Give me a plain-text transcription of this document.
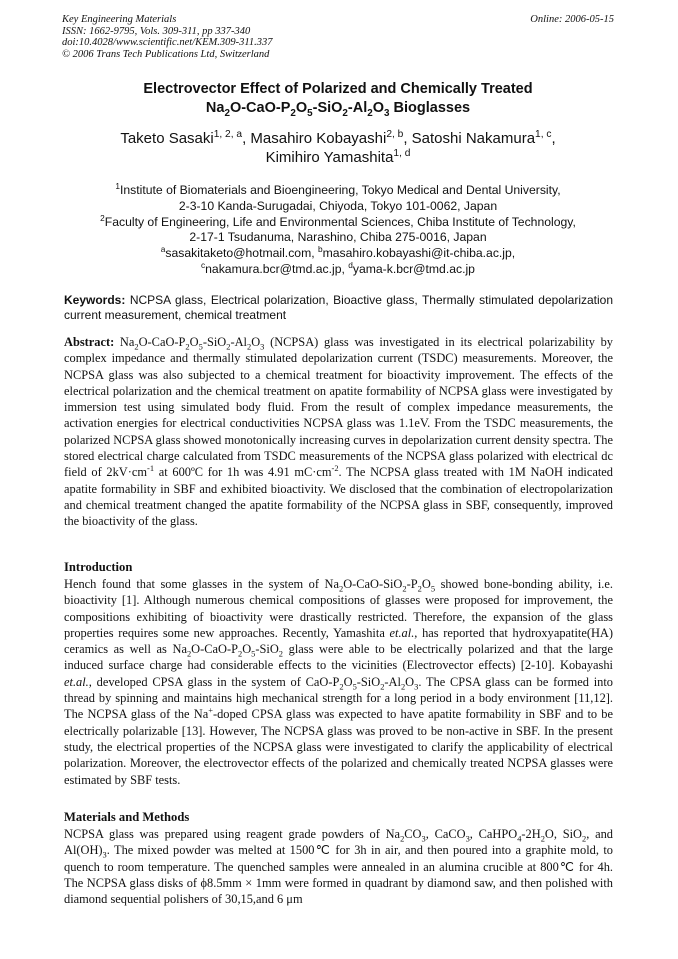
Key Engineering Materials
ISSN: 1662-9795, Vols. 309-311, pp 337-340
doi:10.4028/www.scientific.net/KEM.309-311.337
© 2006 Trans Tech Publications Ltd, Switzerland
Online: 2006-05-15
Electrovector Effect of Polarized and Chemically Treated
$Na_2O-CaO-P_2O_5-SiO_2-Al_2O_3$ Bioglasses
Taketo Sasaki$^{1, 2, a}$, Masahiro Kobayashi$^{2, b}$, Satoshi Nakamura$^{1, c}$,
Kimihiro Yamashita$^{1, d}$
$^1$Institute of Biomaterials and Bioengineering, Tokyo Medical and Dental University,
2-3-10 Kanda-Surugadai, Chiyoda, Tokyo 101-0062, Japan
$^2$Faculty of Engineering, Life and Environmental Sciences, Chiba Institute of Technology,
2-17-1 Tsudanuma, Narashino, Chiba 275-0016, Japan
$^a$sasakitaketo@hotmail.com, $^b$masahiro.kobayashi@it-chiba.ac.jp,
$^c$nakamura.bcr@tmd.ac.jp, $^d$yama-k.bcr@tmd.ac.jp
Keywords: NCPSA glass, Electrical polarization, Bioactive glass, Thermally stimulated depolarization current measurement, chemical treatment
Abstract: $Na_2O-CaO-P_2O_5-SiO_2-Al_2O_3$ (NCPSA) glass was investigated in its electrical polarizability by complex impedance and thermally stimulated depolarization current (TSDC) measurements. Moreover, the NCPSA glass was also subjected to a chemical treatment for bioactivity improvement. The effects of the electrical polarization and the chemical treatment on apatite formability of NCPSA glass were investigated by immersion test using simulated body fluid. From the result of complex impedance measurements, the activation energies for electrical conductivities NCPSA glass was 1.1eV. From the TSDC measurements, the polarized NCPSA glass showed monotonically increasing curves in depolarization current density spectra. The stored electrical charge calculated from TSDC measurements of the NCPSA glass polarized with electrical dc field of $2kV\cdot cm^{-1}$ at 600ºC for 1h was 4.91 $mC\cdot cm^{-2}$. The NCPSA glass treated with 1M NaOH indicated apatite formability in SBF and exhibited bioactivity. We disclosed that the combination of electropolarization and chemical treatment changed the apatite formability of the NCPSA glass in SBF, consequently, improved the bioactivity of the glass.
Introduction
Hench found that some glasses in the system of $Na_2O-CaO-SiO_2-P_2O_5$ showed bone-bonding ability, i.e. bioactivity [1]. Although numerous chemical compositions of glasses were proposed for improvement, the compositions exhibiting of bioactivity were drastically restricted. Therefore, the expansion of the glass properties requires some new approaches. Recently, Yamashita et.al., has reported that hydroxyapatite(HA) ceramics as well as $Na_2O-CaO-P_2O_5-SiO_2$ glass were able to be electrically polarized and that the large induced surface charge had considerable effects to the vicinities (Electrovector effects) [2-10]. Kobayashi et.al., developed CPSA glass in the system of CaO-$P_2O_5-SiO_2-Al_2O_3$. The CPSA glass can be formed into thread by spinning and maintains high mechanical strength for a long period in a body environment [11,12]. The NCPSA glass of the Na+-doped CPSA glass was expected to have apatite formability in SBF and to be electrically polarizable [13]. However, The NCPSA glass was proved to be non-active in SBF. In the present study, the electrical properties of the NCPSA glass were investigated to clarify the applicability of electrical polarization. Moreover, the electrovector effects of the polarized and chemically treated NCPSA glasses were estimated by SBF tests.
Materials and Methods
NCPSA glass was prepared using reagent grade powders of $Na_2CO_3$, CaCO$_3$, $CaHPO_4-2H_2O$, SiO$_2$, and $Al(OH)_3$. The mixed powder was melted at 1500℃ for 3h in air, and then poured into a graphite mold, to quench to room temperature. The quenched samples were annealed in an alumina crucible at 800℃ for 4h. The NCPSA glass disks of ϕ8.5mm × 1mm were formed in quadrant by diamond saw, and then polished with diamond sequential polishers of 30,15,and 6 μm
